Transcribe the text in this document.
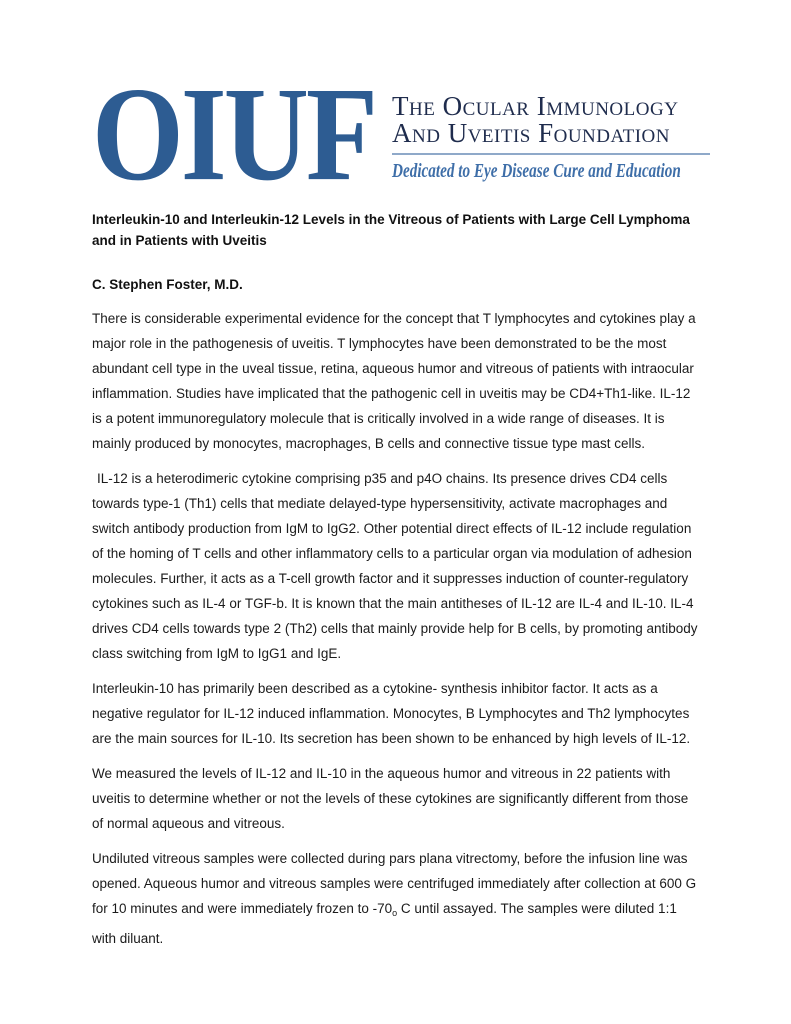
OIUF The Ocular Immunology
And Uveitis Foundation
Dedicated to Eye Disease Cure and Education
Interleukin-10 and Interleukin-12 Levels in the Vitreous of Patients with Large Cell Lymphoma and in Patients with Uveitis

C. Stephen Foster, M.D.

There is considerable experimental evidence for the concept that T lymphocytes and cytokines play a major role in the pathogenesis of uveitis. T lymphocytes have been demonstrated to be the most abundant cell type in the uveal tissue, retina, aqueous humor and vitreous of patients with intraocular inflammation. Studies have implicated that the pathogenic cell in uveitis may be CD4+Th1-like. IL-12 is a potent immunoregulatory molecule that is critically involved in a wide range of diseases. It is mainly produced by monocytes, macrophages, B cells and connective tissue type mast cells.

IL-12 is a heterodimeric cytokine comprising p35 and p4O chains. Its presence drives CD4 cells towards type-1 (Th1) cells that mediate delayed-type hypersensitivity, activate macrophages and switch antibody production from IgM to IgG2. Other potential direct effects of IL-12 include regulation of the homing of T cells and other inflammatory cells to a particular organ via modulation of adhesion molecules. Further, it acts as a T-cell growth factor and it suppresses induction of counter-regulatory cytokines such as IL-4 or TGF-b. It is known that the main antitheses of IL-12 are IL-4 and IL-10. IL-4 drives CD4 cells towards type 2 (Th2) cells that mainly provide help for B cells, by promoting antibody class switching from IgM to IgG1 and IgE.

Interleukin-10 has primarily been described as a cytokine- synthesis inhibitor factor. It acts as a negative regulator for IL-12 induced inflammation. Monocytes, B Lymphocytes and Th2 lymphocytes are the main sources for IL-10. Its secretion has been shown to be enhanced by high levels of IL-12.

We measured the levels of IL-12 and IL-10 in the aqueous humor and vitreous in 22 patients with uveitis to determine whether or not the levels of these cytokines are significantly different from those of normal aqueous and vitreous.

Undiluted vitreous samples were collected during pars plana vitrectomy, before the infusion line was opened. Aqueous humor and vitreous samples were centrifuged immediately after collection at 600 G for 10 minutes and were immediately frozen to $-70_o$ C until assayed. The samples were diluted 1:1 with diluant.
